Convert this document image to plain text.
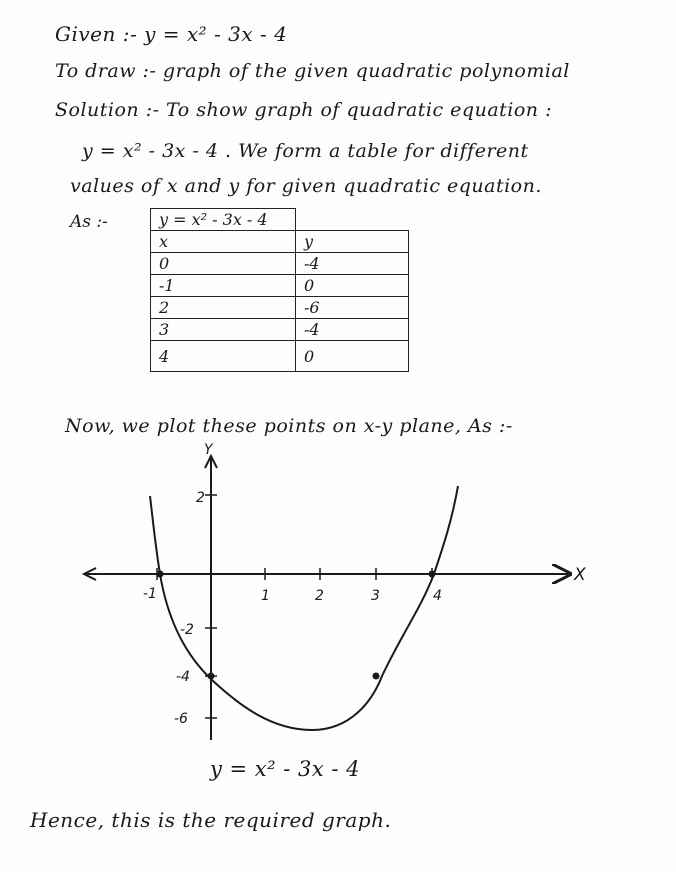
Given :- y = x² - 3x - 4
To draw :- graph of the given quadratic polynomial
Solution :- To show graph of quadratic equation :
y = x² - 3x - 4 . We form a table for different
values of x and y for given quadratic equation.
As :-	y = x² - 3x - 4	
x	y
0	-4
-1	0
2	-6
3	-4
4	0
Now, we plot these points on x-y plane, As :-
Y
X
-1	1	2	3	4
2
-2
-4
-6
y = x² - 3x - 4
Hence, this is the required graph.
